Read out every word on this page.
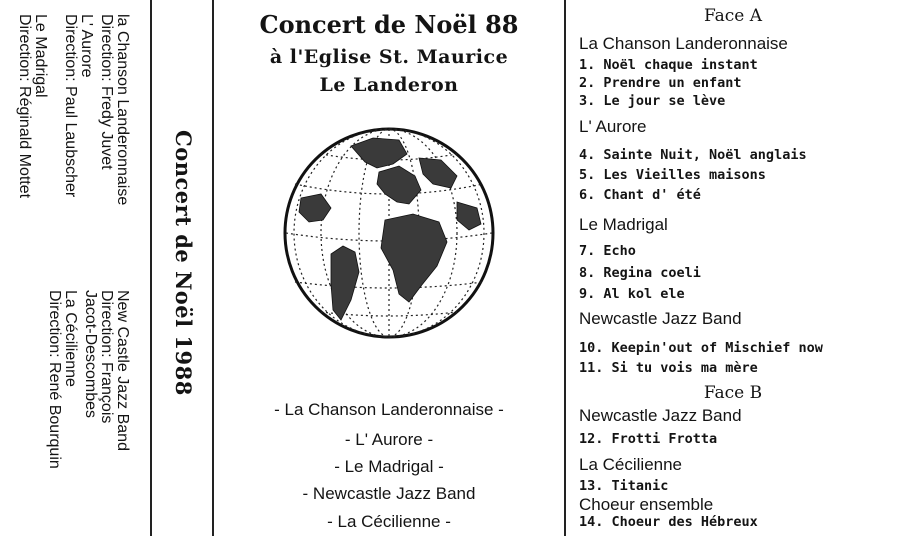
la Chanson Landeronnaise
Direction: Fredy Juvet
L' Aurore
Direction: Paul Laubscher
Le Madrigal
Direction: Réginald Mottet
New Castle Jazz Band
Direction: François
Jacot-Descombes
La Cécilienne
Direction: René Bourquin	Concert de Noël 1988
Concert de Noël 88
à l'Eglise St. Maurice
Le Landeron
- La Chanson Landeronnaise -
- L' Aurore -
- Le Madrigal -
- Newcastle Jazz Band
- La Cécilienne -
Face A
La Chanson Landeronnaise
1. Noël chaque instant
2. Prendre un enfant
3. Le jour se lève
L' Aurore
4. Sainte Nuit, Noël anglais
5. Les Vieilles maisons
6. Chant d' été
Le Madrigal
7. Echo
8. Regina coeli
9. Al kol ele
Newcastle Jazz Band
10. Keepin'out of Mischief now
11. Si tu vois ma mère
Face B
Newcastle Jazz Band
12. Frotti Frotta
La Cécilienne
13. Titanic
Choeur ensemble
14. Choeur des Hébreux
